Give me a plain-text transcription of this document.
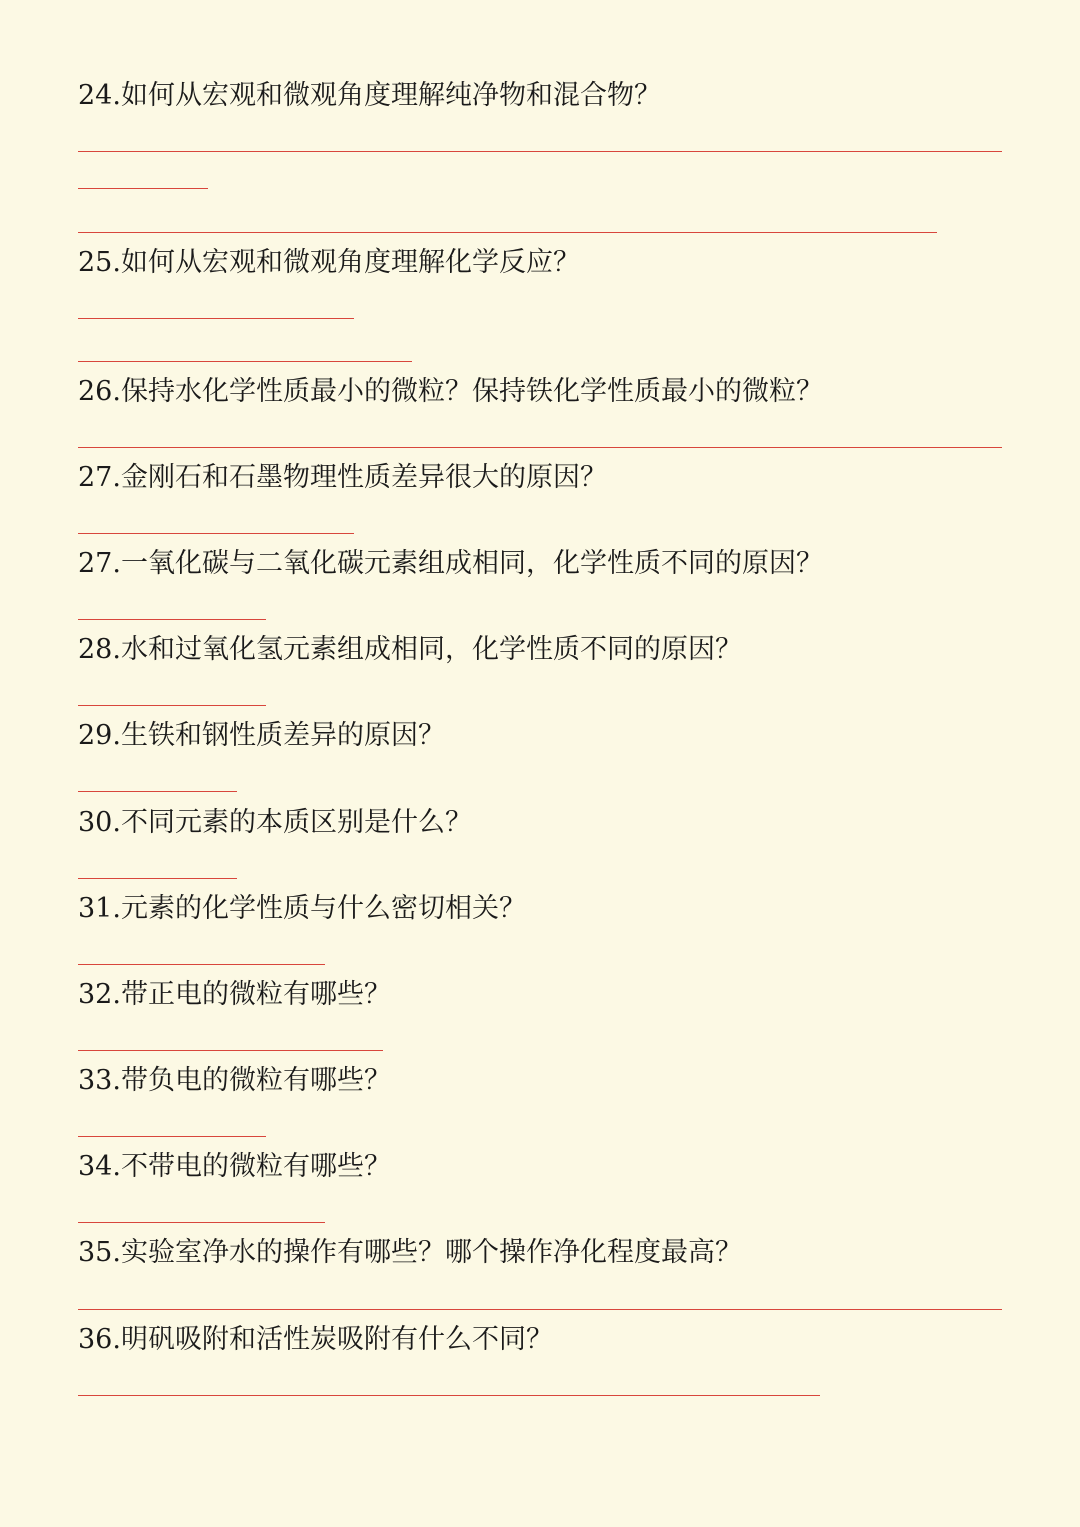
24.如何从宏观和微观角度理解纯净物和混合物？

25.如何从宏观和微观角度理解化学反应？

26.保持水化学性质最小的微粒？保持铁化学性质最小的微粒？

27.金刚石和石墨物理性质差异很大的原因？

27.一氧化碳与二氧化碳元素组成相同，化学性质不同的原因？

28.水和过氧化氢元素组成相同，化学性质不同的原因？

29.生铁和钢性质差异的原因？

30.不同元素的本质区别是什么？

31.元素的化学性质与什么密切相关？

32.带正电的微粒有哪些？

33.带负电的微粒有哪些？

34.不带电的微粒有哪些？

35.实验室净水的操作有哪些？哪个操作净化程度最高？

36.明矾吸附和活性炭吸附有什么不同？
